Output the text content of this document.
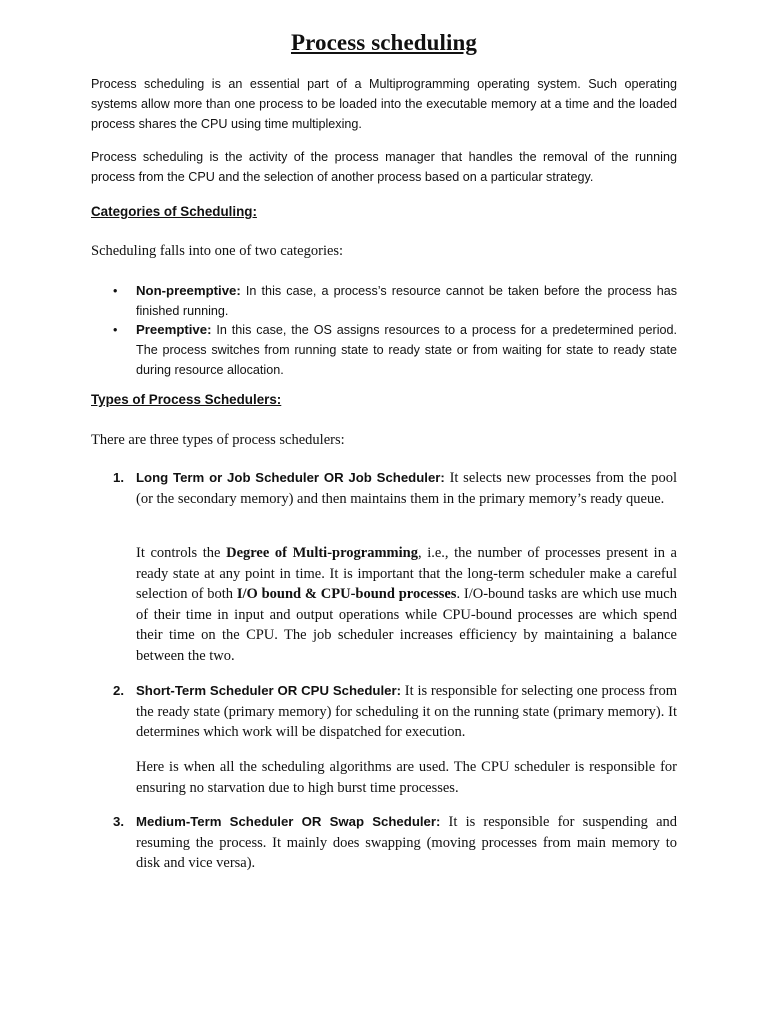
Process scheduling

Process scheduling is an essential part of a Multiprogramming operating system. Such operating systems allow more than one process to be loaded into the executable memory at a time and the loaded process shares the CPU using time multiplexing.

Process scheduling is the activity of the process manager that handles the removal of the running process from the CPU and the selection of another process based on a particular strategy.

Categories of Scheduling:

Scheduling falls into one of two categories:

• Non-preemptive: In this case, a process’s resource cannot be taken before the process has finished running.
• Preemptive: In this case, the OS assigns resources to a process for a predetermined period. The process switches from running state to ready state or from waiting for state to ready state during resource allocation.

Types of Process Schedulers:

There are three types of process schedulers:

1. Long Term or Job Scheduler OR Job Scheduler: It selects new processes from the pool (or the secondary memory) and then maintains them in the primary memory’s ready queue.

It controls the Degree of Multi-programming, i.e., the number of processes present in a ready state at any point in time. It is important that the long-term scheduler make a careful selection of both I/O bound & CPU-bound processes. I/O-bound tasks are which use much of their time in input and output operations while CPU-bound processes are which spend their time on the CPU. The job scheduler increases efficiency by maintaining a balance between the two.

2. Short-Term Scheduler OR CPU Scheduler: It is responsible for selecting one process from the ready state (primary memory) for scheduling it on the running state (primary memory). It determines which work will be dispatched for execution.

Here is when all the scheduling algorithms are used. The CPU scheduler is responsible for ensuring no starvation due to high burst time processes.

3. Medium-Term Scheduler OR Swap Scheduler: It is responsible for suspending and resuming the process. It mainly does swapping (moving processes from main memory to disk and vice versa).
